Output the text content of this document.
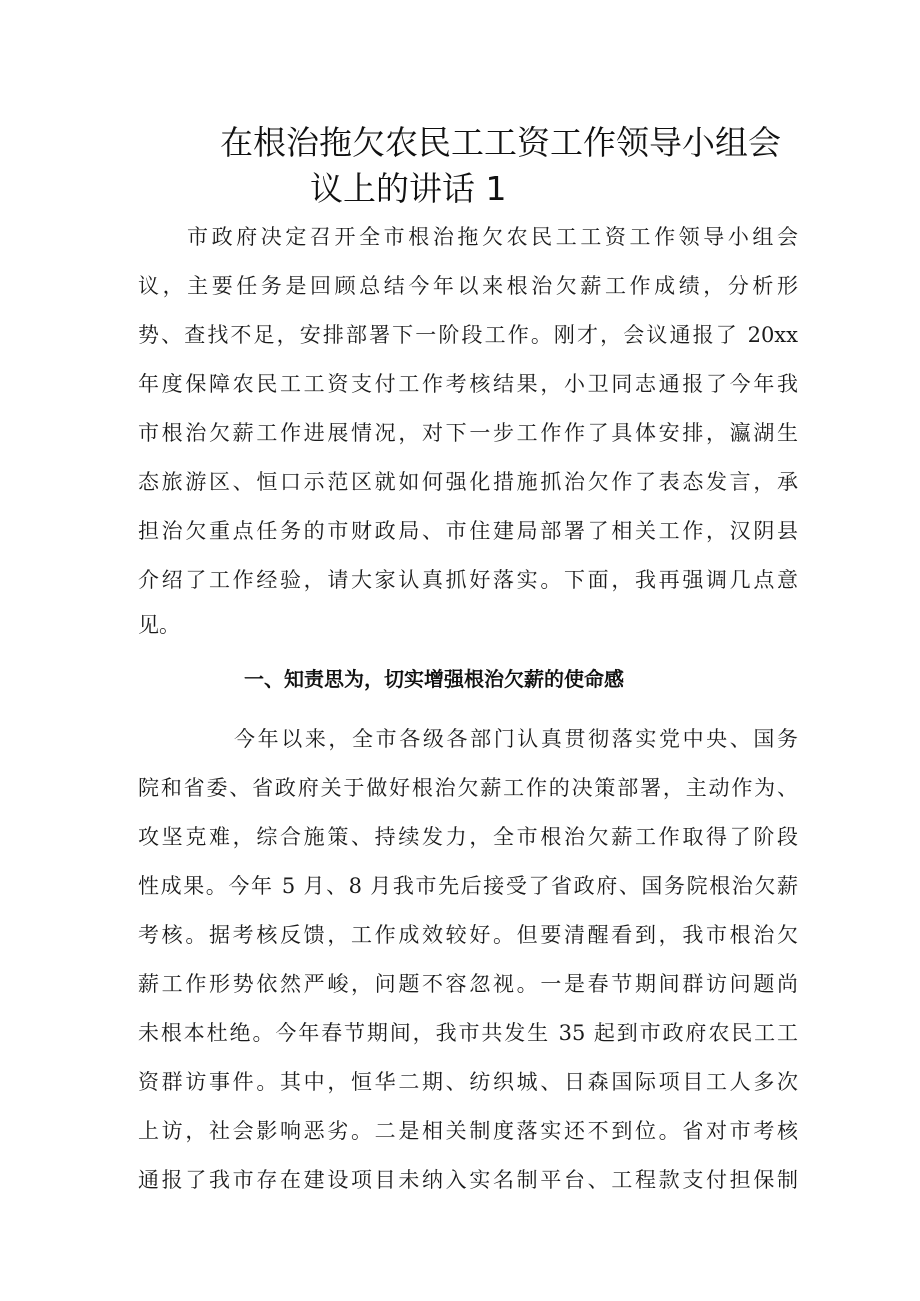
在根治拖欠农民工工资工作领导小组会
议上的讲话 1

市政府决定召开全市根治拖欠农民工工资工作领导小组会

议，主要任务是回顾总结今年以来根治欠薪工作成绩，分析形

势、查找不足，安排部署下一阶段工作。刚才，会议通报了 20xx

年度保障农民工工资支付工作考核结果，小卫同志通报了今年我

市根治欠薪工作进展情况，对下一步工作作了具体安排，瀛湖生

态旅游区、恒口示范区就如何强化措施抓治欠作了表态发言，承

担治欠重点任务的市财政局、市住建局部署了相关工作，汉阴县

介绍了工作经验，请大家认真抓好落实。下面，我再强调几点意

见。

一、知责思为，切实增强根治欠薪的使命感

今年以来，全市各级各部门认真贯彻落实党中央、国务

院和省委、省政府关于做好根治欠薪工作的决策部署，主动作为、

攻坚克难，综合施策、持续发力，全市根治欠薪工作取得了阶段

性成果。今年 5 月、8 月我市先后接受了省政府、国务院根治欠薪

考核。据考核反馈，工作成效较好。但要清醒看到，我市根治欠

薪工作形势依然严峻，问题不容忽视。一是春节期间群访问题尚

未根本杜绝。今年春节期间，我市共发生 35 起到市政府农民工工

资群访事件。其中，恒华二期、纺织城、日森国际项目工人多次

上访，社会影响恶劣。二是相关制度落实还不到位。省对市考核

通报了我市存在建设项目未纳入实名制平台、工程款支付担保制
